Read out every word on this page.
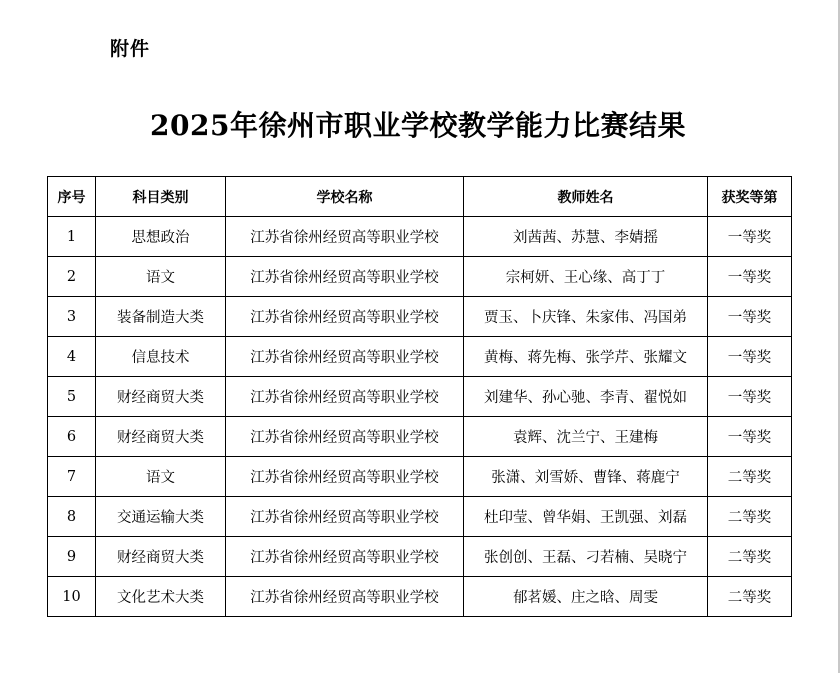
附件
2025年徐州市职业学校教学能力比赛结果
序号	科目类别	学校名称	教师姓名	获奖等第
1	思想政治	江苏省徐州经贸高等职业学校	刘茜茜、苏慧、李婧摇	一等奖
2	语文	江苏省徐州经贸高等职业学校	宗柯妍、王心缘、高丁丁	一等奖
3	装备制造大类	江苏省徐州经贸高等职业学校	贾玉、卜庆锋、朱家伟、冯国弟	一等奖
4	信息技术	江苏省徐州经贸高等职业学校	黄梅、蒋先梅、张学芹、张耀文	一等奖
5	财经商贸大类	江苏省徐州经贸高等职业学校	刘建华、孙心驰、李青、翟悦如	一等奖
6	财经商贸大类	江苏省徐州经贸高等职业学校	袁辉、沈兰宁、王建梅	一等奖
7	语文	江苏省徐州经贸高等职业学校	张潇、刘雪娇、曹锋、蒋鹿宁	二等奖
8	交通运输大类	江苏省徐州经贸高等职业学校	杜印莹、曾华娟、王凯强、刘磊	二等奖
9	财经商贸大类	江苏省徐州经贸高等职业学校	张创创、王磊、刁若楠、吴晓宁	二等奖
10	文化艺术大类	江苏省徐州经贸高等职业学校	郁茗媛、庄之晗、周雯	二等奖
